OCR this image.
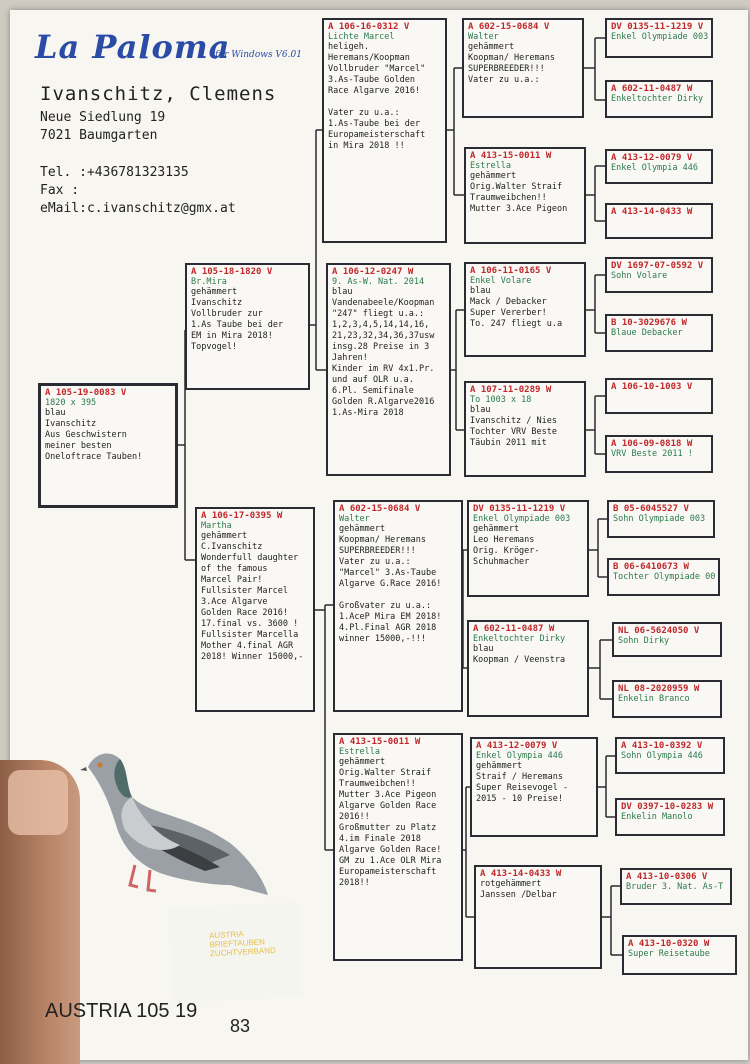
La Paloma
für Windows V6.01
Ivanschitz, Clemens
Neue Siedlung 19
7021 Baumgarten
Tel. :+436781323135
Fax :
eMail:c.ivanschitz@gmx.at
A 105-19-0083 V
1820 x 395
blau
Ivanschitz
Aus Geschwistern
meiner besten
Oneloftrace Tauben!
A 105-18-1820 V
Br.Mira
gehämmert
Ivanschitz
Vollbruder zur
1.As Taube bei der
EM in Mira 2018!
Topvogel!
A 106-17-0395 W
Martha
gehämmert
C.Ivanschitz
Wonderfull daughter
of the famous
Marcel Pair!
Fullsister Marcel
3.Ace Algarve
Golden Race 2016!
17.final vs. 3600 !
Fullsister Marcella
Mother 4.final AGR
2018! Winner 15000,-
A 106-16-0312 V
Lichte Marcel
heligeh.
Heremans/Koopman
Vollbruder "Marcel"
3.As-Taube Golden
Race Algarve 2016!

Vater zu u.a.:
1.As-Taube bei der
Europameisterschaft
in Mira 2018 !!
A 106-12-0247 W
9. As-W. Nat. 2014
blau
Vandenabeele/Koopman
"247" fliegt u.a.:
1,2,3,4,5,14,14,16,
21,23,32,34,36,37usw
insg.28 Preise in 3
Jahren!
Kinder im RV 4x1.Pr.
und auf OLR u.a.
6.Pl. Semifinale
Golden R.Algarve2016
1.As-Mira 2018
A 602-15-0684 V
Walter
gehämmert
Koopman/ Heremans
SUPERBREEDER!!!
Vater zu u.a.:
"Marcel" 3.As-Taube
Algarve G.Race 2016!

Großvater zu u.a.:
1.AceP Mira EM 2018!
4.Pl.Final AGR 2018
winner 15000,-!!!
A 413-15-0011 W
Estrella
gehämmert
Orig.Walter Straif
Traumweibchen!!
Mutter 3.Ace Pigeon
Algarve Golden Race
2016!!
Großmutter zu Platz
4.im Finale 2018
Algarve Golden Race!
GM zu 1.Ace OLR Mira
Europameisterschaft
2018!!
A 602-15-0684 V
Walter
gehämmert
Koopman/ Heremans
SUPERBREEDER!!!
Vater zu u.a.:
A 413-15-0011 W
Estrella
gehämmert
Orig.Walter Straif
Traumweibchen!!
Mutter 3.Ace Pigeon
A 106-11-0165 V
Enkel Volare
blau
Mack / Debacker
Super Vererber!
To. 247 fliegt u.a
A 107-11-0289 W
To 1003 x 18
blau
Ivanschitz / Nies
Tochter VRV Beste
Täubin 2011 mit
DV 0135-11-1219 V
Enkel Olympiade 003
gehämmert
Leo Heremans
Orig. Kröger-
Schuhmacher
A 602-11-0487 W
Enkeltochter Dirky
blau
Koopman / Veenstra
A 413-12-0079 V
Enkel Olympia 446
gehämmert
Straif / Heremans
Super Reisevogel -
2015 - 10 Preise!
A 413-14-0433 W
rotgehämmert
Janssen /Delbar
DV 0135-11-1219 V
Enkel Olympiade 003
A 602-11-0487 W
Enkeltochter Dirky
A 413-12-0079 V
Enkel Olympia 446
A 413-14-0433 W
DV 1697-07-0592 V
Sohn Volare
B 10-3029676 W
Blaue Debacker
A 106-10-1003 V
A 106-09-0818 W
VRV Beste 2011 !
B 05-6045527 V
Sohn Olympiade 003
B 06-6410673 W
Tochter Olympiade 00
NL 06-5624050 V
Sohn Dirky
NL 08-2020959 W
Enkelin Branco
A 413-10-0392 V
Sohn Olympia 446
DV 0397-10-0283 W
Enkelin Manolo
A 413-10-0306 V
Bruder 3. Nat. As-T
A 413-10-0320 W
Super Reisetaube
AUSTRIA
BRIEFTAUBEN
ZUCHTVERBAND
AUSTRIA 105 19
83
